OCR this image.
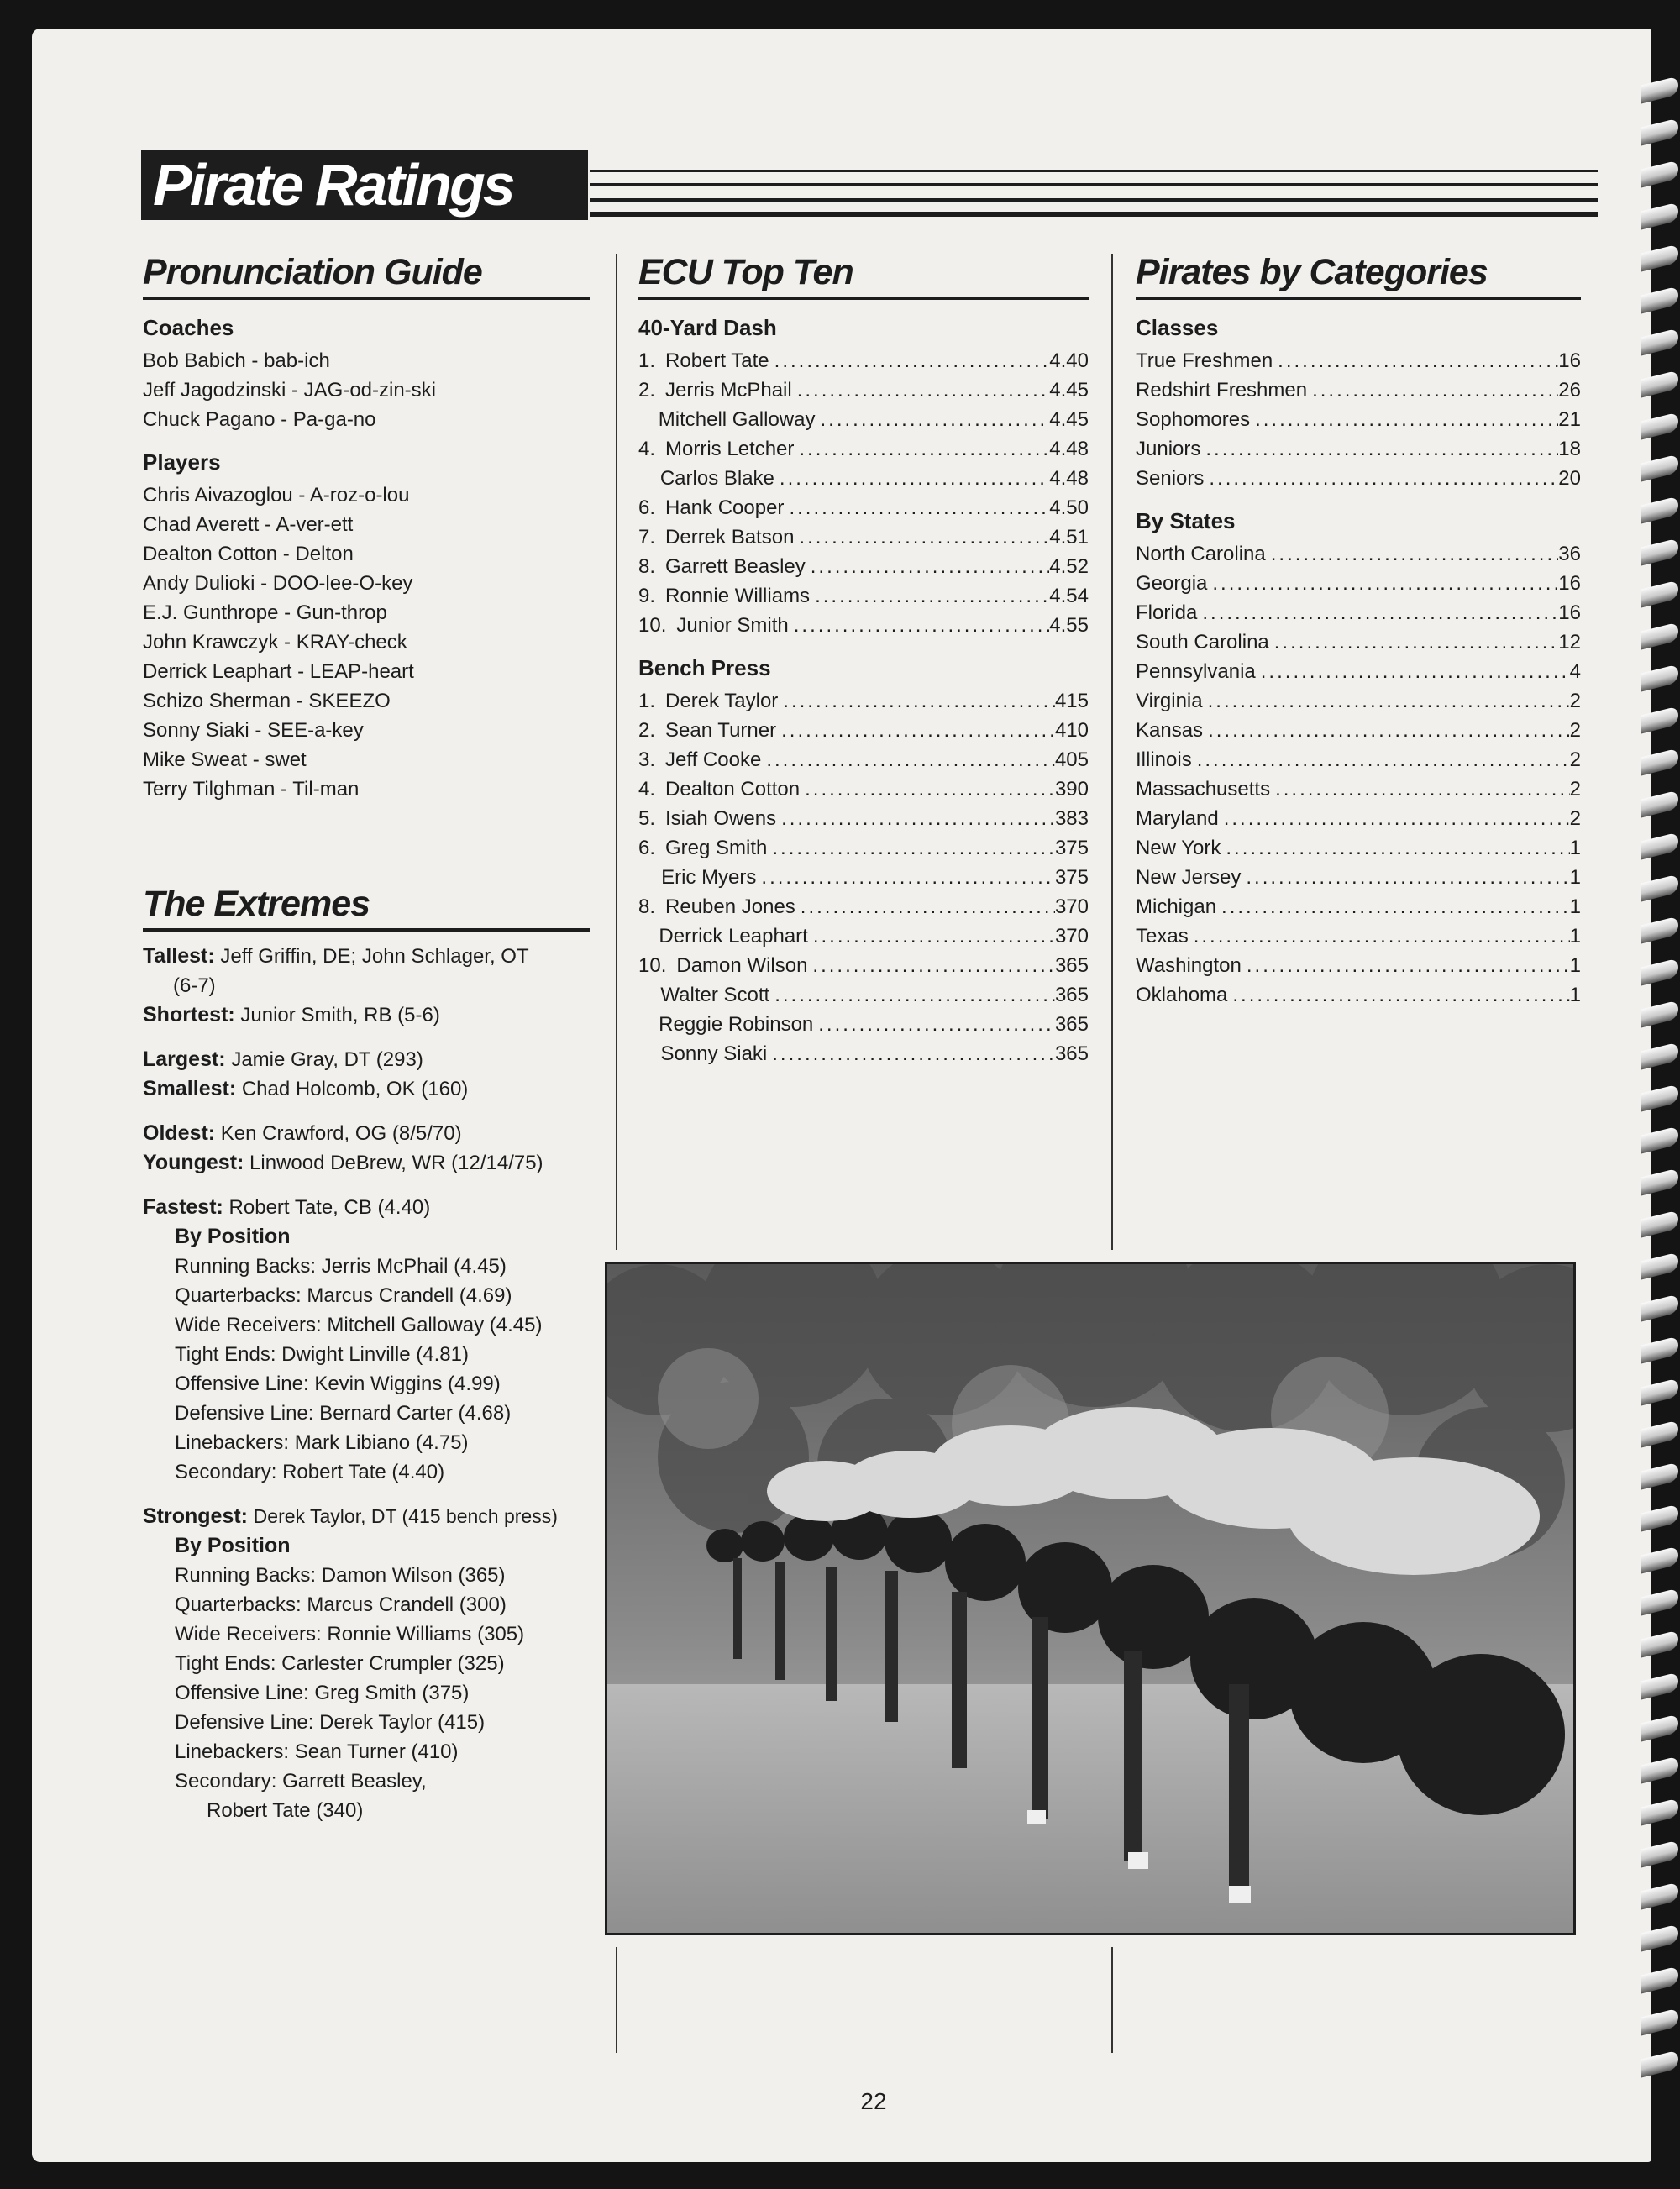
Pirate Ratings
Pronunciation Guide
Coaches
Bob Babich - bab-ich
Jeff Jagodzinski - JAG-od-zin-ski
Chuck Pagano - Pa-ga-no
Players
Chris Aivazoglou - A-roz-o-lou
Chad Averett - A-ver-ett
Dealton Cotton - Delton
Andy Dulioki - DOO-lee-O-key
E.J. Gunthrope - Gun-throp
John Krawczyk - KRAY-check
Derrick Leaphart - LEAP-heart
Schizo Sherman - SKEEZO
Sonny Siaki - SEE-a-key
Mike Sweat - swet
Terry Tilghman - Til-man
The Extremes
Tallest: Jeff Griffin, DE; John Schlager, OT
(6-7)
Shortest: Junior Smith, RB (5-6)
Largest: Jamie Gray, DT (293)
Smallest: Chad Holcomb, OK (160)
Oldest: Ken Crawford, OG (8/5/70)
Youngest: Linwood DeBrew, WR (12/14/75)
Fastest: Robert Tate, CB (4.40)
By Position
Running Backs: Jerris McPhail (4.45)
Quarterbacks: Marcus Crandell (4.69)
Wide Receivers: Mitchell Galloway (4.45)
Tight Ends: Dwight Linville (4.81)
Offensive Line: Kevin Wiggins (4.99)
Defensive Line: Bernard Carter (4.68)
Linebackers: Mark Libiano (4.75)
Secondary: Robert Tate (4.40)
Strongest: Derek Taylor, DT (415 bench press)
By Position
Running Backs: Damon Wilson (365)
Quarterbacks: Marcus Crandell (300)
Wide Receivers: Ronnie Williams (305)
Tight Ends: Carlester Crumpler (325)
Offensive Line: Greg Smith (375)
Defensive Line: Derek Taylor (415)
Linebackers: Sean Turner (410)
Secondary: Garrett Beasley,
Robert Tate (340)
ECU Top Ten
40-Yard Dash
1. Robert Tate .....	4.40
2. Jerris McPhail .....	4.45
Mitchell Galloway .....	4.45
4. Morris Letcher .....	4.48
Carlos Blake .....	4.48
6. Hank Cooper .....	4.50
7. Derrek Batson .....	4.51
8. Garrett Beasley .....	4.52
9. Ronnie Williams .....	4.54
10. Junior Smith .....	4.55
Bench Press
1. Derek Taylor .....	415
2. Sean Turner .....	410
3. Jeff Cooke .....	405
4. Dealton Cotton .....	390
5. Isiah Owens .....	383
6. Greg Smith .....	375
Eric Myers .....	375
8. Reuben Jones .....	370
Derrick Leaphart .....	370
10. Damon Wilson .....	365
Walter Scott .....	365
Reggie Robinson .....	365
Sonny Siaki .....	365
Pirates by Categories
Classes
True Freshmen .....	16
Redshirt Freshmen .....	26
Sophomores .....	21
Juniors .....	18
Seniors .....	20
By States
North Carolina .....	36
Georgia .....	16
Florida .....	16
South Carolina .....	12
Pennsylvania .....	4
Virginia .....	2
Kansas .....	2
Illinois .....	2
Massachusetts .....	2
Maryland .....	2
New York .....	1
New Jersey .....	1
Michigan .....	1
Texas .....	1
Washington .....	1
Oklahoma .....	1
22
